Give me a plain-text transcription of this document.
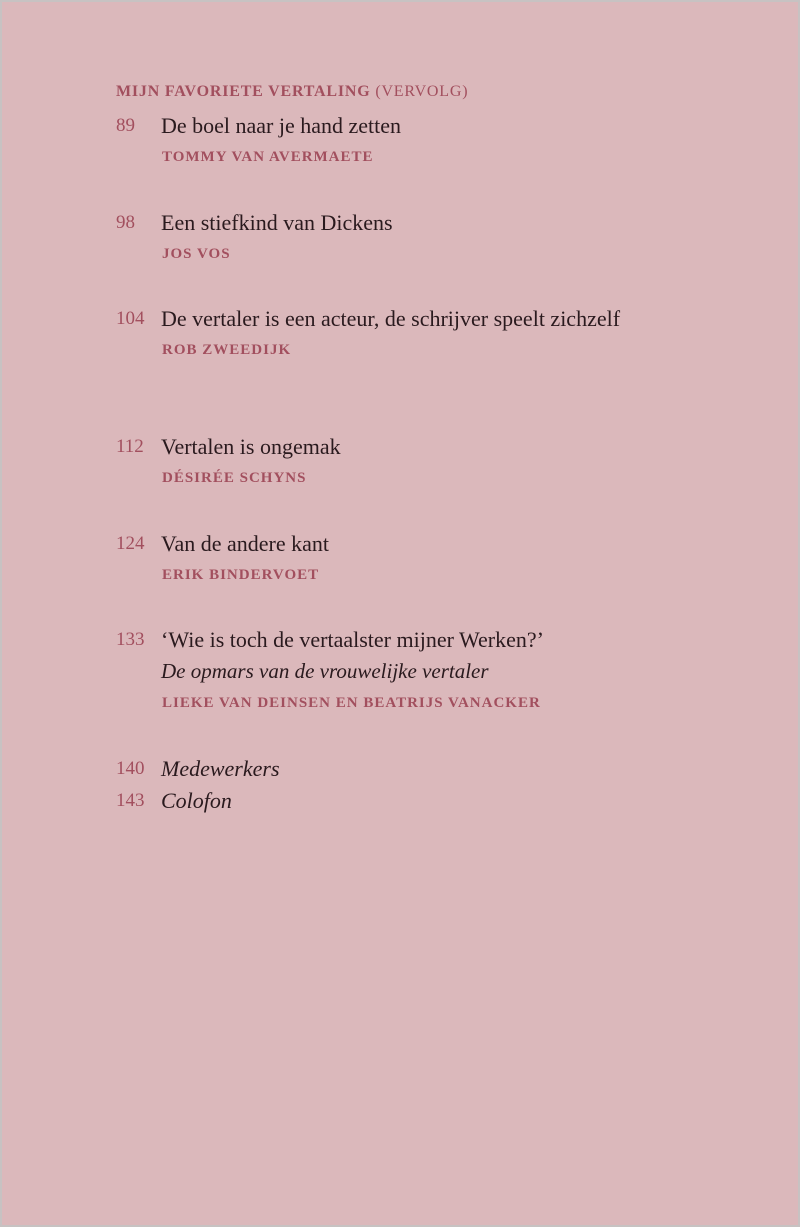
MIJN FAVORIETE VERTALING (VERVOLG)
89 De boel naar je hand zetten
TOMMY VAN AVERMAETE
98 Een stiefkind van Dickens
JOS VOS
104 De vertaler is een acteur, de schrijver speelt zichzelf
ROB ZWEEDIJK
112 Vertalen is ongemak
DÉSIRÉE SCHYNS
124 Van de andere kant
ERIK BINDERVOET
133 ‘Wie is toch de vertaalster mijner Werken?’
De opmars van de vrouwelijke vertaler
LIEKE VAN DEINSEN EN BEATRIJS VANACKER
140 Medewerkers
143 Colofon
